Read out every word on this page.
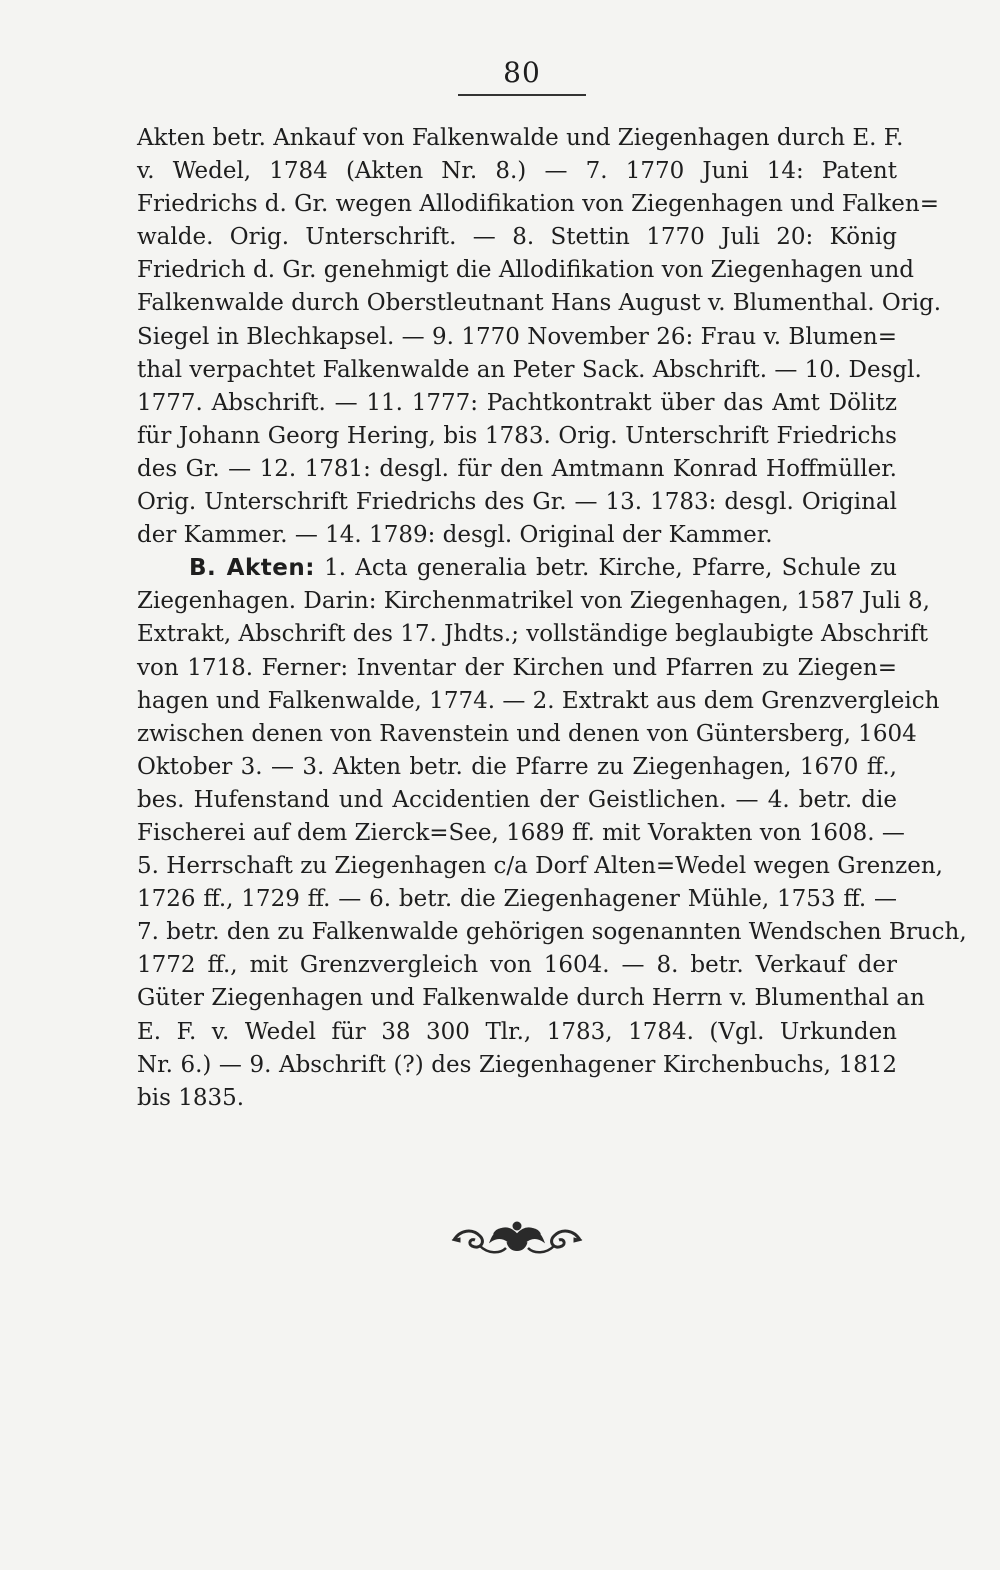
80
Akten betr. Ankauf von Falkenwalde und Ziegenhagen durch E. F.
v. Wedel, 1784 (Akten Nr. 8.) — 7. 1770 Juni 14: Patent
Friedrichs d. Gr. wegen Allodifikation von Ziegenhagen und Falken=
walde. Orig. Unterschrift. — 8. Stettin 1770 Juli 20: König
Friedrich d. Gr. genehmigt die Allodifikation von Ziegenhagen und
Falkenwalde durch Oberstleutnant Hans August v. Blumenthal. Orig.
Siegel in Blechkapsel. — 9. 1770 November 26: Frau v. Blumen=
thal verpachtet Falkenwalde an Peter Sack. Abschrift. — 10. Desgl.
1777. Abschrift. — 11. 1777: Pachtkontrakt über das Amt Dölitz
für Johann Georg Hering, bis 1783. Orig. Unterschrift Friedrichs
des Gr. — 12. 1781: desgl. für den Amtmann Konrad Hoffmüller.
Orig. Unterschrift Friedrichs des Gr. — 13. 1783: desgl. Original
der Kammer. — 14. 1789: desgl. Original der Kammer.
B. Akten: 1. Acta generalia betr. Kirche, Pfarre, Schule zu
Ziegenhagen. Darin: Kirchenmatrikel von Ziegenhagen, 1587 Juli 8,
Extrakt, Abschrift des 17. Jhdts.; vollständige beglaubigte Abschrift
von 1718. Ferner: Inventar der Kirchen und Pfarren zu Ziegen=
hagen und Falkenwalde, 1774. — 2. Extrakt aus dem Grenzvergleich
zwischen denen von Ravenstein und denen von Güntersberg, 1604
Oktober 3. — 3. Akten betr. die Pfarre zu Ziegenhagen, 1670 ff.,
bes. Hufenstand und Accidentien der Geistlichen. — 4. betr. die
Fischerei auf dem Zierck=See, 1689 ff. mit Vorakten von 1608. —
5. Herrschaft zu Ziegenhagen c/a Dorf Alten=Wedel wegen Grenzen,
1726 ff., 1729 ff. — 6. betr. die Ziegenhagener Mühle, 1753 ff. —
7. betr. den zu Falkenwalde gehörigen sogenannten Wendschen Bruch,
1772 ff., mit Grenzvergleich von 1604. — 8. betr. Verkauf der
Güter Ziegenhagen und Falkenwalde durch Herrn v. Blumenthal an
E. F. v. Wedel für 38 300 Tlr., 1783, 1784. (Vgl. Urkunden
Nr. 6.) — 9. Abschrift (?) des Ziegenhagener Kirchenbuchs, 1812
bis 1835.
